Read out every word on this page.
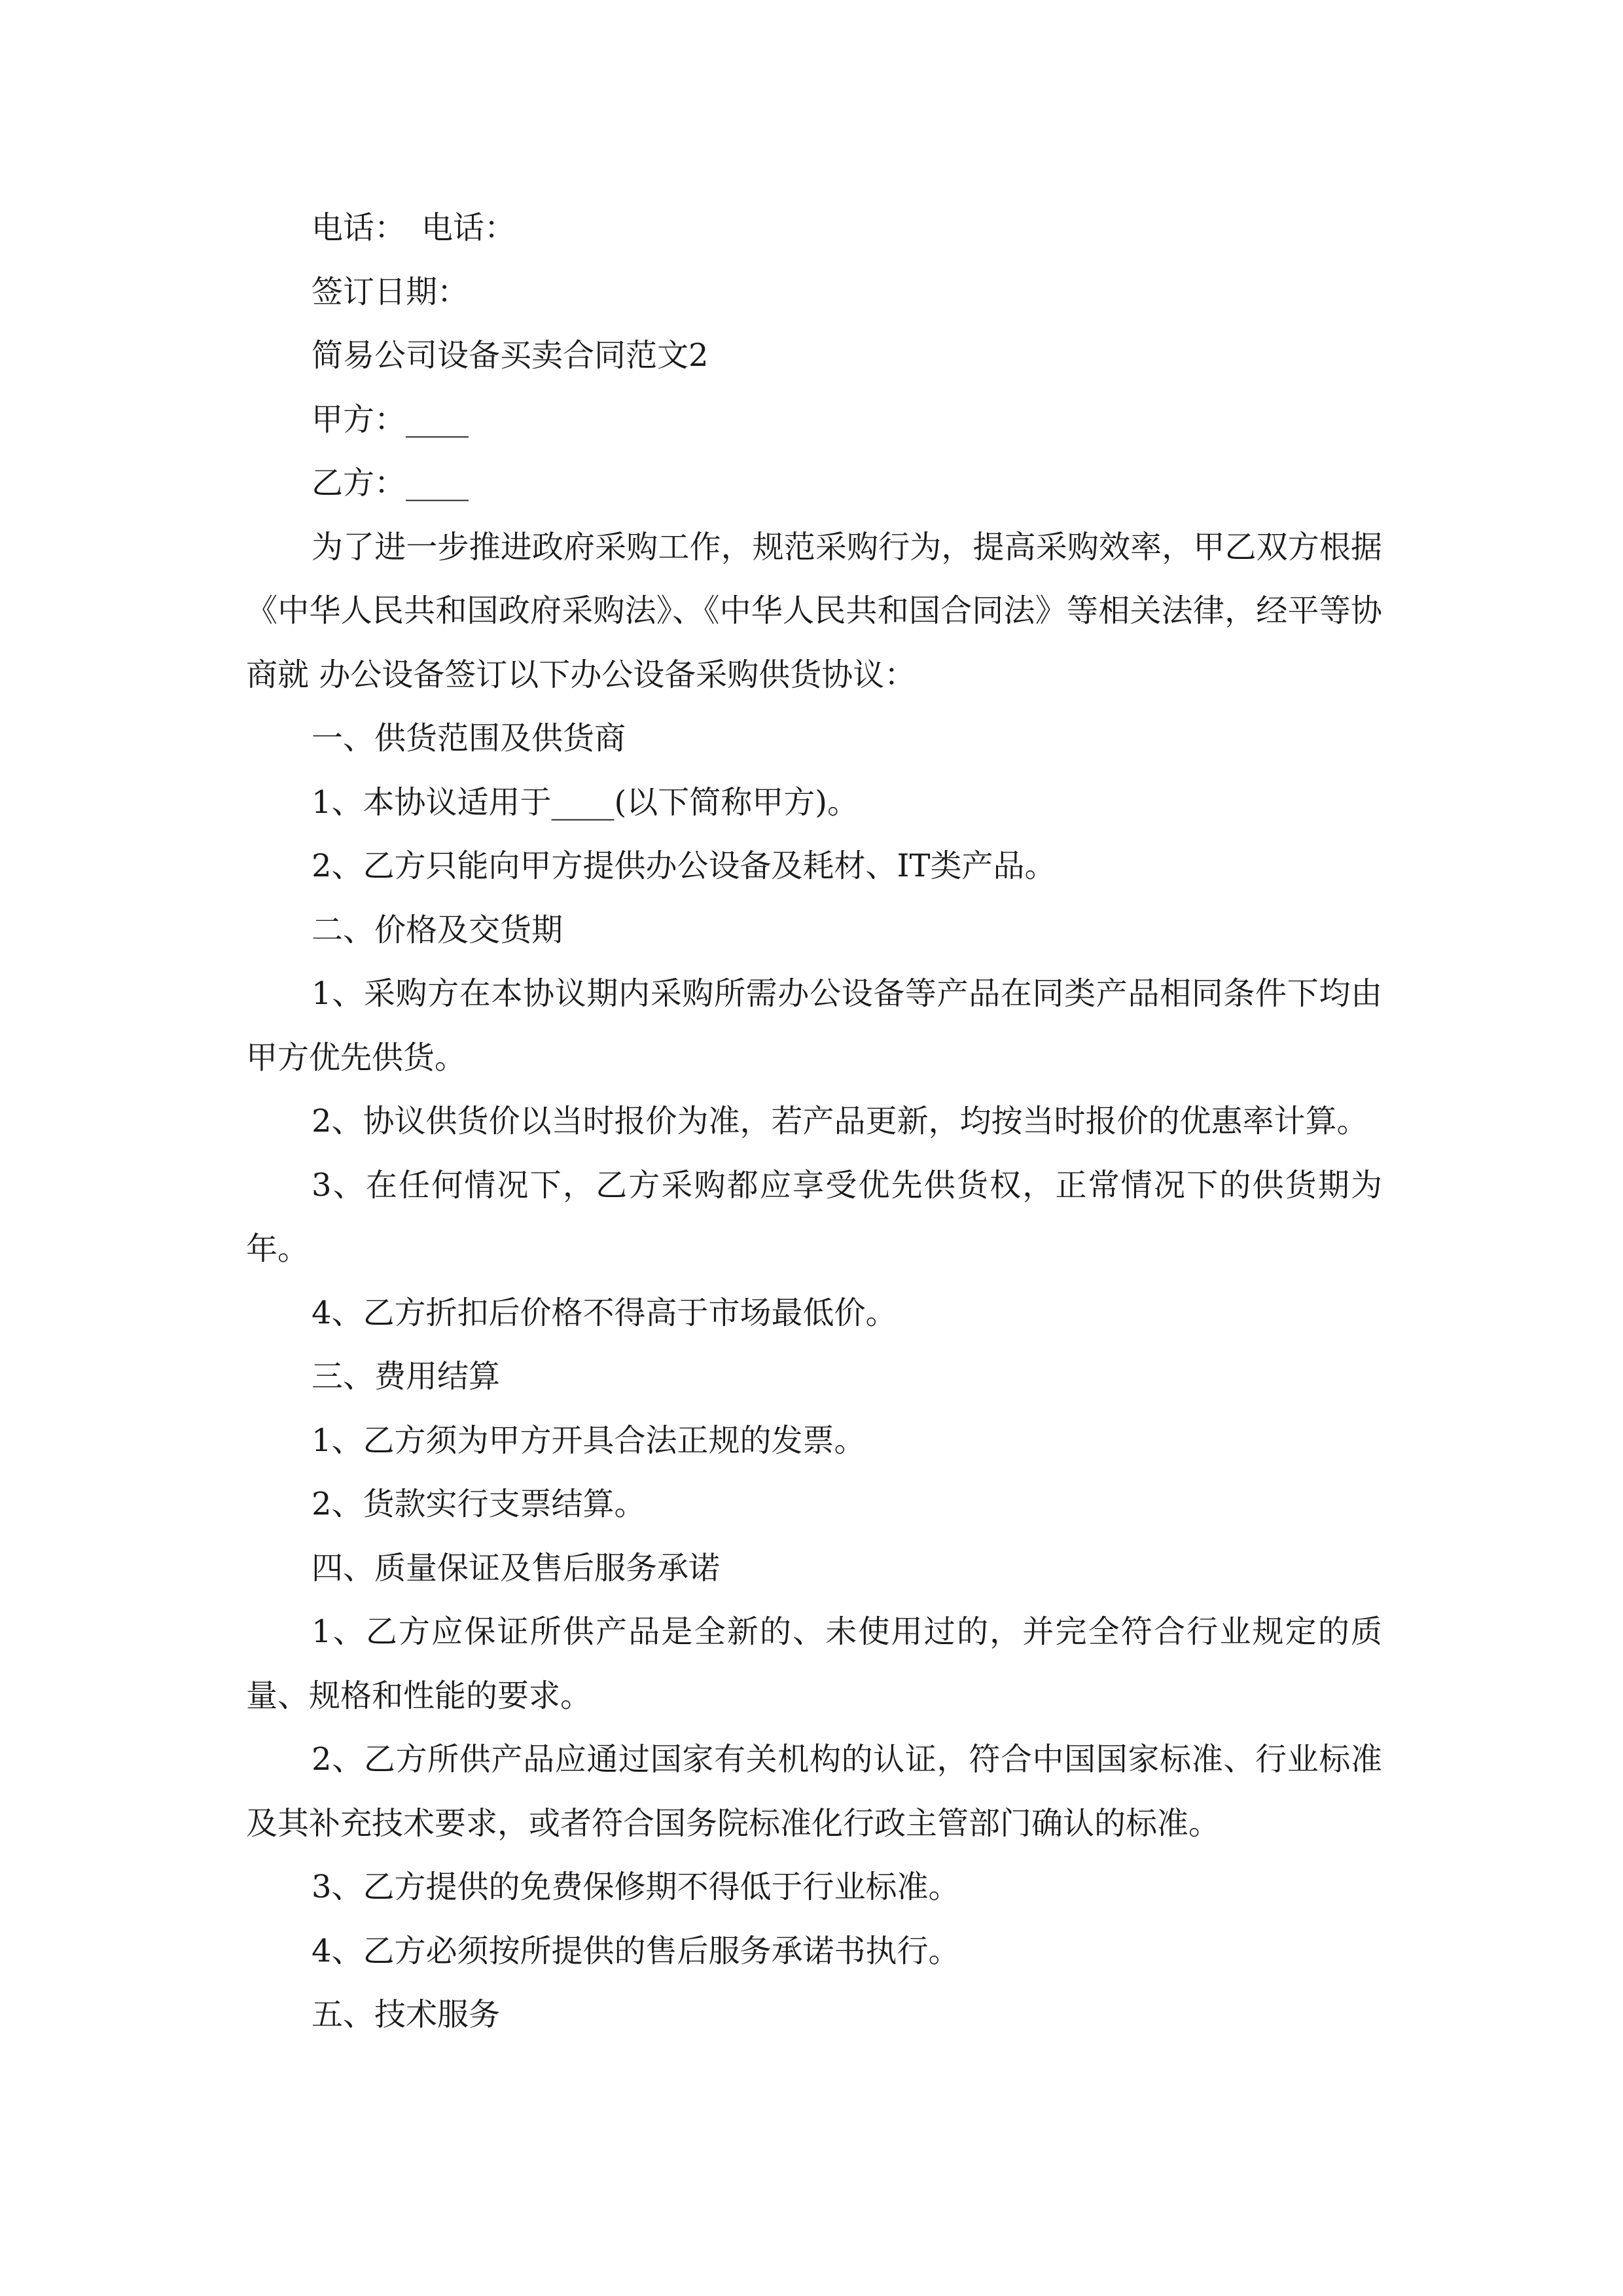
电话：　电话：

签订日期：

简易公司设备买卖合同范文2

甲方：____

乙方：____

为了进一步推进政府采购工作，规范采购行为，提高采购效率，甲乙双方根据《中华人民共和国政府采购法》、《中华人民共和国合同法》等相关法律，经平等协商就 办公设备签订以下办公设备采购供货协议：

一、供货范围及供货商

1、本协议适用于____(以下简称甲方)。

2、乙方只能向甲方提供办公设备及耗材、IT类产品。

二、价格及交货期

1、采购方在本协议期内采购所需办公设备等产品在同类产品相同条件下均由甲方优先供货。

2、协议供货价以当时报价为准，若产品更新，均按当时报价的优惠率计算。

3、在任何情况下，乙方采购都应享受优先供货权，正常情况下的供货期为年。

4、乙方折扣后价格不得高于市场最低价。

三、费用结算

1、乙方须为甲方开具合法正规的发票。

2、货款实行支票结算。

四、质量保证及售后服务承诺

1、乙方应保证所供产品是全新的、未使用过的，并完全符合行业规定的质量、规格和性能的要求。

2、乙方所供产品应通过国家有关机构的认证，符合中国国家标准、行业标准及其补充技术要求，或者符合国务院标准化行政主管部门确认的标准。

3、乙方提供的免费保修期不得低于行业标准。

4、乙方必须按所提供的售后服务承诺书执行。

五、技术服务
